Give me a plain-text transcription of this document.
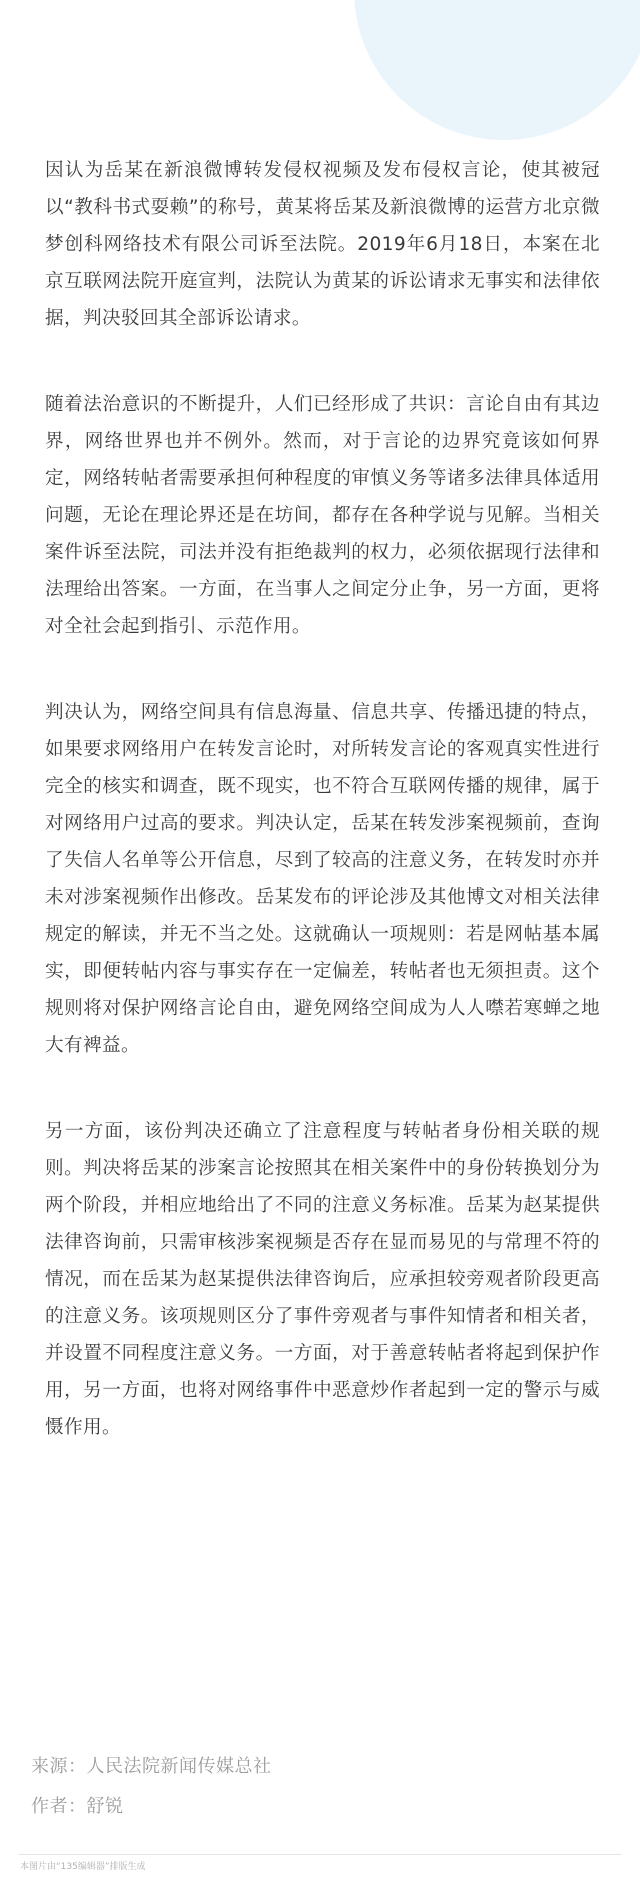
因认为岳某在新浪微博转发侵权视频及发布侵权言论，使其被冠以“教科书式耍赖”的称号，黄某将岳某及新浪微博的运营方北京微梦创科网络技术有限公司诉至法院。2019年6月18日，本案在北京互联网法院开庭宣判，法院认为黄某的诉讼请求无事实和法律依据，判决驳回其全部诉讼请求。

随着法治意识的不断提升，人们已经形成了共识：言论自由有其边界，网络世界也并不例外。然而，对于言论的边界究竟该如何界定，网络转帖者需要承担何种程度的审慎义务等诸多法律具体适用问题，无论在理论界还是在坊间，都存在各种学说与见解。当相关案件诉至法院，司法并没有拒绝裁判的权力，必须依据现行法律和法理给出答案。一方面，在当事人之间定分止争，另一方面，更将对全社会起到指引、示范作用。

判决认为，网络空间具有信息海量、信息共享、传播迅捷的特点，如果要求网络用户在转发言论时，对所转发言论的客观真实性进行完全的核实和调查，既不现实，也不符合互联网传播的规律，属于对网络用户过高的要求。判决认定，岳某在转发涉案视频前，查询了失信人名单等公开信息，尽到了较高的注意义务，在转发时亦并未对涉案视频作出修改。岳某发布的评论涉及其他博文对相关法律规定的解读，并无不当之处。这就确认一项规则：若是网帖基本属实，即便转帖内容与事实存在一定偏差，转帖者也无须担责。这个规则将对保护网络言论自由，避免网络空间成为人人噤若寒蝉之地大有裨益。

另一方面，该份判决还确立了注意程度与转帖者身份相关联的规则。判决将岳某的涉案言论按照其在相关案件中的身份转换划分为两个阶段，并相应地给出了不同的注意义务标准。岳某为赵某提供法律咨询前，只需审核涉案视频是否存在显而易见的与常理不符的情况，而在岳某为赵某提供法律咨询后，应承担较旁观者阶段更高的注意义务。该项规则区分了事件旁观者与事件知情者和相关者，并设置不同程度注意义务。一方面，对于善意转帖者将起到保护作用，另一方面，也将对网络事件中恶意炒作者起到一定的警示与威慑作用。

来源：人民法院新闻传媒总社
作者：舒锐
本图片由“135编辑器”排版生成
